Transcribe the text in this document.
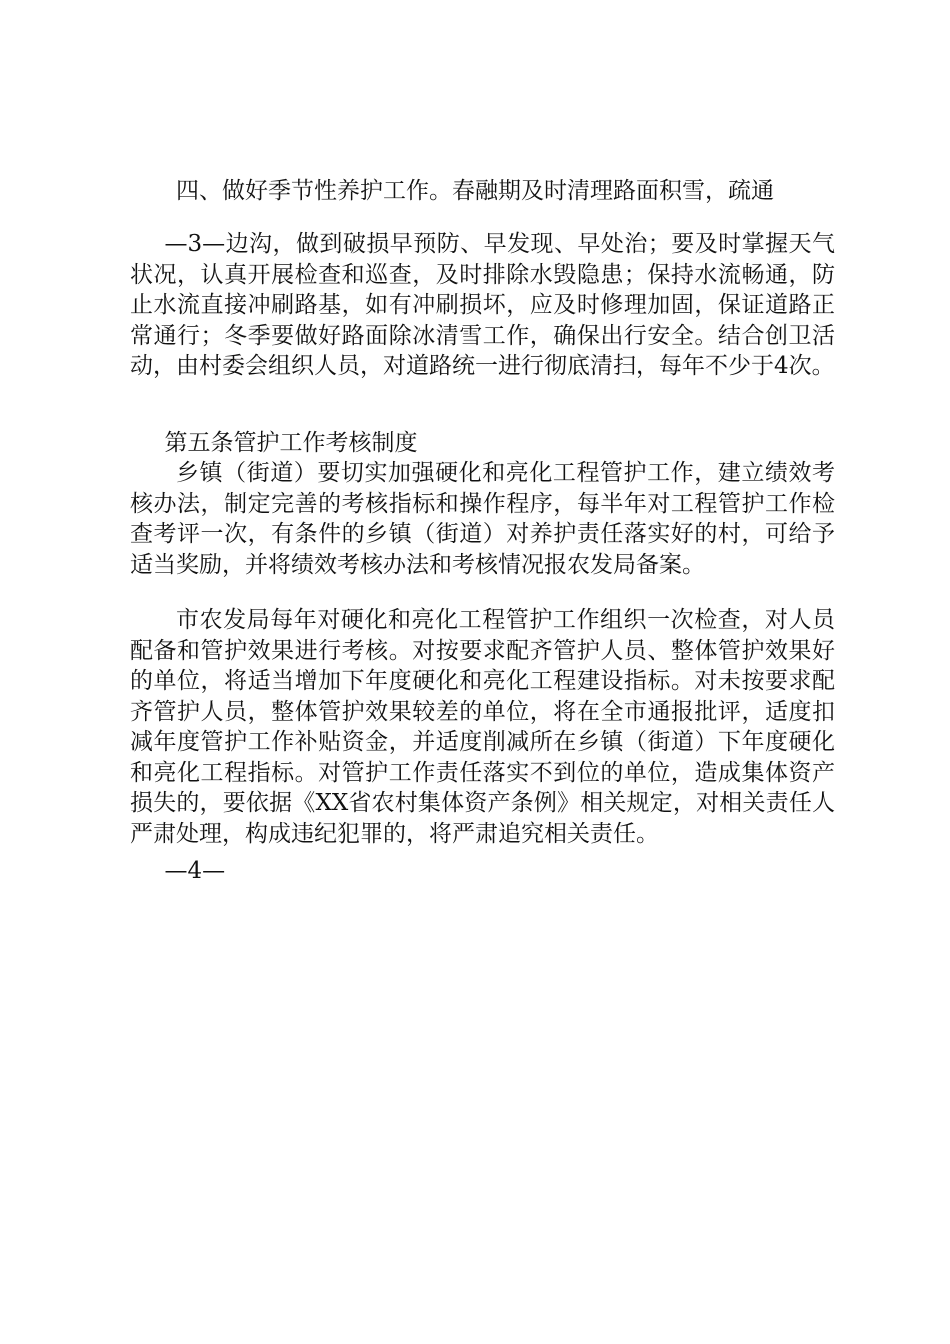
四、做好季节性养护工作。春融期及时清理路面积雪，疏通

—3—边沟，做到破损早预防、早发现、早处治；要及时掌握天气状况，认真开展检查和巡查，及时排除水毁隐患；保持水流畅通，防止水流直接冲刷路基，如有冲刷损坏，应及时修理加固，保证道路正常通行；冬季要做好路面除冰清雪工作，确保出行安全。结合创卫活动，由村委会组织人员，对道路统一进行彻底清扫，每年不少于4次。

第五条管护工作考核制度

乡镇（街道）要切实加强硬化和亮化工程管护工作，建立绩效考核办法，制定完善的考核指标和操作程序，每半年对工程管护工作检查考评一次，有条件的乡镇（街道）对养护责任落实好的村，可给予适当奖励，并将绩效考核办法和考核情况报农发局备案。

市农发局每年对硬化和亮化工程管护工作组织一次检查，对人员配备和管护效果进行考核。对按要求配齐管护人员、整体管护效果好的单位，将适当增加下年度硬化和亮化工程建设指标。对未按要求配齐管护人员，整体管护效果较差的单位，将在全市通报批评，适度扣减年度管护工作补贴资金，并适度削减所在乡镇（街道）下年度硬化和亮化工程指标。对管护工作责任落实不到位的单位，造成集体资产损失的，要依据《XX省农村集体资产条例》相关规定，对相关责任人严肃处理，构成违纪犯罪的，将严肃追究相关责任。

—4—
